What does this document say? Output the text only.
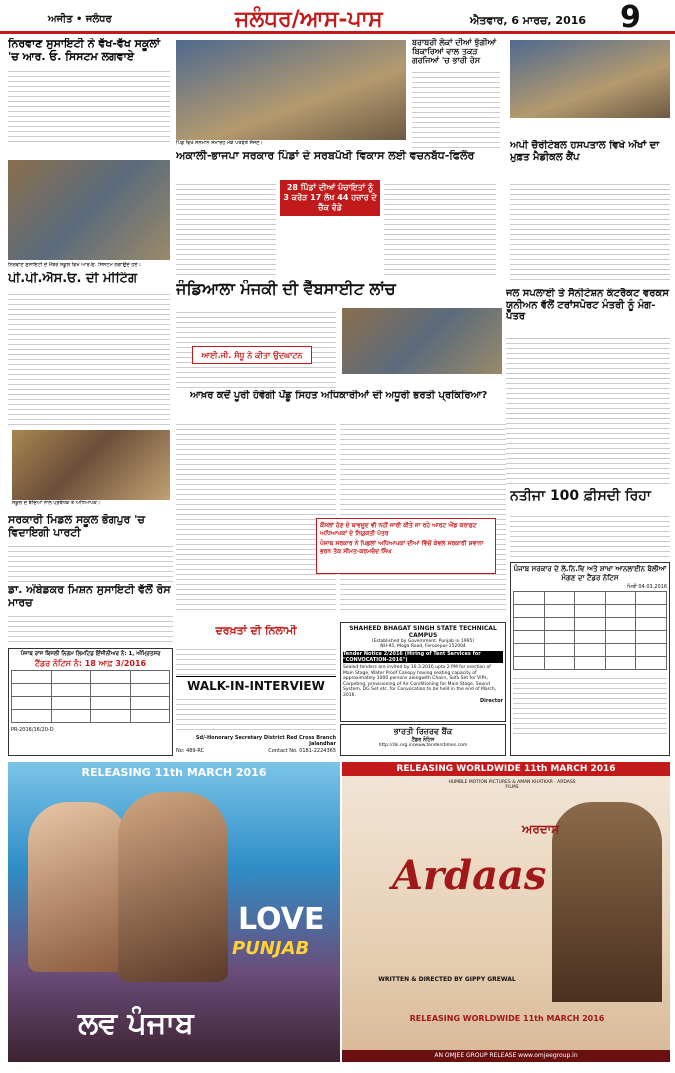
ਅਜੀਤ • ਜਲੰਧਰ	ਜਲੰਧਰ/ਆਸ-ਪਾਸ	ਐਤਵਾਰ, 6 ਮਾਰਚ, 2016 9
ਨਿਰਵਾਣ ਸੁਸਾਇਟੀ ਨੇ ਵੱਖ-ਵੱਖ ਸਕੂਲਾਂ 'ਚ ਆਰ. ਓ. ਸਿਸਟਮ ਲਗਵਾਏ
ਨਿਰਵਾਣ ਸੁਸਾਇਟੀ ਦੇ ਮੈਂਬਰ ਸਕੂਲ ਵਿਖੇ ਆਰ.ਓ. ਸਿਸਟਮ ਲਗਾਉਂਦੇ ਹੋਏ।
ਪੀ.ਪੀ.ਐਸ.ਓ. ਦੀ ਮੀਟਿੰਗ
ਸਕੂਲ ਦੇ ਬੱਚਿਆਂ ਨਾਲ ਪ੍ਰਬੰਧਕ ਤੇ ਅਧਿਆਪਕ।
ਸਰਕਾਰੀ ਮਿਡਲ ਸਕੂਲ ਭੋਗਪੁਰ 'ਚ ਵਿਦਾਇਗੀ ਪਾਰਟੀ
ਡਾ. ਅੰਬੇਡਕਰ ਮਿਸ਼ਨ ਸੁਸਾਇਟੀ ਵੱਲੋਂ ਰੋਸ ਮਾਰਚ
ਪਿੰਡ ਵਿਖੇ ਸਨਮਾਨ ਸਮਾਰੋਹ ਮੌਕੇ ਪਤਵੰਤੇ ਸੱਜਣ।
ਅਕਾਲੀ-ਭਾਜਪਾ ਸਰਕਾਰ ਪਿੰਡਾਂ ਦੇ ਸਰਬਪੱਖੀ ਵਿਕਾਸ ਲਈ ਵਚਨਬੱਧ-ਫਿਲੌਰ
28 ਪਿੰਡਾਂ ਦੀਆਂ ਪੰਚਾਇਤਾਂ ਨੂੰ 3 ਕਰੋੜ 17 ਲੱਖ 44 ਹਜ਼ਾਰ ਦੇ ਚੈੱਕ ਵੰਡੇ
ਬਰਾਬਰੀ ਲੋਕਾਂ ਦੀਆਂ ਝੁੱਗੀਆਂ ਬਿਕਾਰਿਆਂ ਵਾਲ ਤਕੜ ਗਰਜਿਆਂ 'ਚ ਭਾਰੀ ਰੋਸ
ਜੰਡਿਆਲਾ ਮੰਜਕੀ ਦੀ ਵੈੱਬਸਾਈਟ ਲਾਂਚ
ਆਈ.ਜੀ. ਸੰਧੂ ਨੇ ਕੀਤਾ ਉਦਘਾਟਨ
ਆਖ਼ਰ ਕਦੋਂ ਪੂਰੀ ਹੋਵੇਗੀ ਪੇਂਡੂ ਸਿਹਤ ਅਧਿਕਾਰੀਆਂ ਦੀ ਅਧੂਰੀ ਭਰਤੀ ਪ੍ਰਕਿਰਿਆ?
ਕੌਂਸਲਾਂ ਹੋਣ ਦੇ ਬਾਵਜੂਦ ਵੀ ਨਹੀਂ ਜਾਰੀ ਕੀਤੇ ਜਾ ਰਹੇ ਆਰਟ ਐਂਡ ਕਰਾਫ਼ਟ ਅਧਿਆਪਕਾਂ ਦੇ ਨਿਯੁਕਤੀ ਪੱਤਰ
ਪੰਜਾਬ ਸਰਕਾਰ ਨੇ ਪਿਛਲਾਂ ਅਧਿਆਪਕਾਂ ਦੀਆਂ ਵਿੱਚੋਂ ਕੇਵਲ ਸਰਕਾਰੀ ਸ਼ਵਾਨਾ ਭਰਨ ਤੱਕ ਸੀਮਤ-ਕਰਮਚੰਦ ਸਿੰਘ
ਦਰਖ਼ਤਾਂ ਦੀ ਨਿਲਾਮੀ
WALK-IN-INTERVIEW
Sd/-Honorary Secretary District Red Cross Branch Jalandhar
No: 489-RC	Contact No. 0181-2224365
SHAHEED BHAGAT SINGH STATE TECHNICAL CAMPUS
(Established by Government. Punjab in 1995)
NH-95, Moga Road, Ferozepur-152004
Tender Notice 2/2016 (Hiring of Tent Services for "CONVOCATION-2016")
Sealed tenders are invited by 16.3.2016 upto 2 PM for erection of Main Stage, Water Proof Canopy having seating capacity of approximately 1000 persons alongwith Chairs, Sofa Set for VIPs, Carpeting, provisioning of Air Conditioning for Main Stage, Sound System, DG Set etc. for Convocation to be held in the end of March, 2016.
Director
ਭਾਰਤੀ ਰਿਜ਼ਰਵ ਬੈਂਕ
ਟੈਂਡਰ ਨੋਟਿਸ
http://rbi.org.in/www.tenderstimes.com
ਪੰਜਾਬ ਰਾਜ ਬਿਜਲੀ ਨਿਗਮ ਲਿਮਟਿਡ ਇੰਜੀਨੀਅਰ ਨੰ: 1, ਅੰਮ੍ਰਿਤਸਰ
ਟੈਂਡਰ ਨੋਟਿਸ ਨੰ: 18 ਆਫ਼ 3/2016

PR-2016/16/20-D
ਅਪੀ ਚੈਰੀਟੇਬਲ ਹਸਪਤਾਲ ਵਿਖੇ ਅੱਖਾਂ ਦਾ ਮੁਫ਼ਤ ਮੈਡੀਕਲ ਕੈਂਪ
ਜਲ ਸਪਲਾਈ ਤੇ ਸੈਨੀਟੇਸ਼ਨ ਕੰਟਰੈਕਟ ਵਰਕਸ ਯੂਨੀਅਨ ਵੱਲੋਂ ਟਰਾਂਸਪੋਰਟ ਮੰਤਰੀ ਨੂੰ ਮੰਗ-ਪੱਤਰ
ਨਤੀਜਾ 100 ਫ਼ੀਸਦੀ ਰਿਹਾ
ਪੰਜਾਬ ਸਰਕਾਰ ਦੇ ਲੋ.ਨਿ.ਵਿ ਅਤੇ ਸ਼ਾਖਾ ਆਨਲਾਈਨ ਬੋਲੀਆਂ ਮੰਗਣ ਦਾ ਟੈਂਡਰ ਨੋਟਿਸ
ਮਿਤੀ 04.03.2016

RELEASING 11th MARCH 2016
LOVE
PUNJAB
ਲਵ ਪੰਜਾਬ
RELEASING WORLDWIDE 11th MARCH 2016
HUMBLE MOTION PICTURES & AMAN KHATKAR · ARDASS FILMS
Ardaas
ਅਰਦਾਸ
WRITTEN & DIRECTED BY GIPPY GREWAL
RELEASING WORLDWIDE 11th MARCH 2016
AN OMJEE GROUP RELEASE www.omjeegroup.in
